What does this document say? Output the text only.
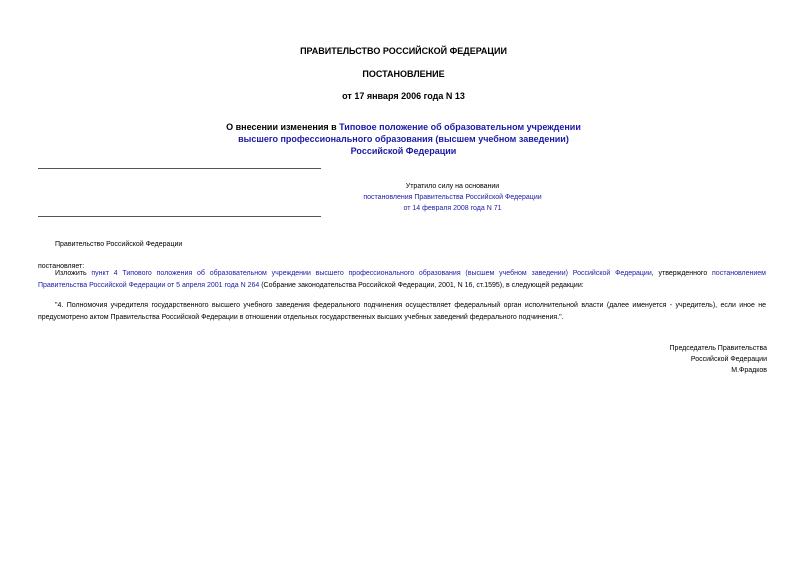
ПРАВИТЕЛЬСТВО РОССИЙСКОЙ ФЕДЕРАЦИИ
ПОСТАНОВЛЕНИЕ
от 17 января 2006 года N 13
О внесении изменения в Типовое положение об образовательном учреждении высшего профессионального образования (высшем учебном заведении) Российской Федерации
Утратило силу на основании
постановления Правительства Российской Федерации
от 14 февраля 2008 года N 71
Правительство Российской Федерации
постановляет:
Изложить пункт 4 Типового положения об образовательном учреждении высшего профессионального образования (высшем учебном заведении) Российской Федерации, утвержденного постановлением Правительства Российской Федерации от 5 апреля 2001 года N 264 (Собрание законодательства Российской Федерации, 2001, N 16, ст.1595), в следующей редакции:
"4. Полномочия учредителя государственного высшего учебного заведения федерального подчинения осуществляет федеральный орган исполнительной власти (далее именуется - учредитель), если иное не предусмотрено актом Правительства Российской Федерации в отношении отдельных государственных высших учебных заведений федерального подчинения.".
Председатель Правительства
Российской Федерации
М.Фрадков
